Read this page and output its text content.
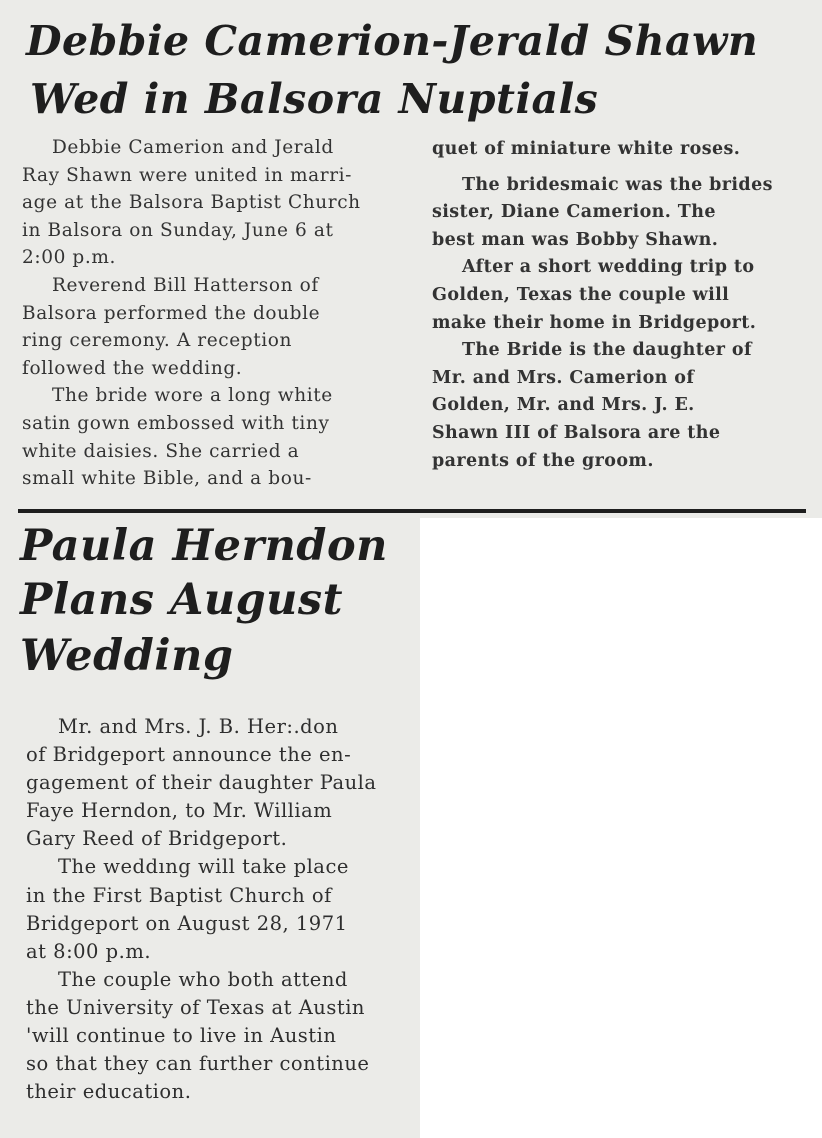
Debbie Camerion-Jerald Shawn
Wed in Balsora Nuptials

Debbie Camerion and Jerald

Ray Shawn were united in marri-

age at the Balsora Baptist Church

in Balsora on Sunday, June 6 at

2:00 p.m.

Reverend Bill Hatterson of

Balsora performed the double

ring ceremony. A reception

followed the wedding.

The bride wore a long white

satin gown embossed with tiny

white daisies. She carried a

small white Bible, and a bou-

quet of miniature white roses.

The bridesmaic was the brides

sister, Diane Camerion. The

best man was Bobby Shawn.

After a short wedding trip to

Golden, Texas the couple will

make their home in Bridgeport.

The Bride is the daughter of

Mr. and Mrs. Camerion of

Golden, Mr. and Mrs. J. E.

Shawn III of Balsora are the

parents of the groom.

Paula Herndon
Plans August
Wedding

Mr. and Mrs. J. B. Her:.don

of Bridgeport announce the en-

gagement of their daughter Paula

Faye Herndon, to Mr. William

Gary Reed of Bridgeport.

The weddıng will take place

in the First Baptist Church of

Bridgeport on August 28, 1971

at 8:00 p.m.

The couple who both attend

the University of Texas at Austin

'will continue to live in Austin

so that they can further continue

their education.
